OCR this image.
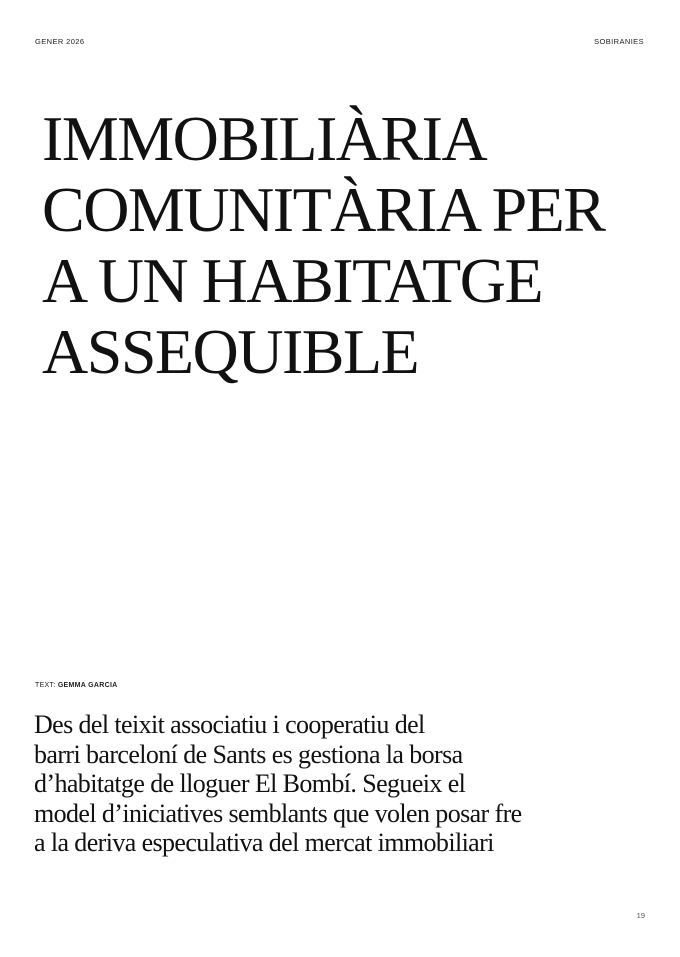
GENER 2026	SOBIRANIES
IMMOBILIÀRIA
COMUNITÀRIA PER
A UN HABITATGE
ASSEQUIBLE
TEXT: GEMMA GARCIA

Des del teixit associatiu i cooperatiu del
barri barceloní de Sants es gestiona la borsa
d’habitatge de lloguer El Bombí. Segueix el
model d’iniciatives semblants que volen posar fre
a la deriva especulativa del mercat immobiliari

19
